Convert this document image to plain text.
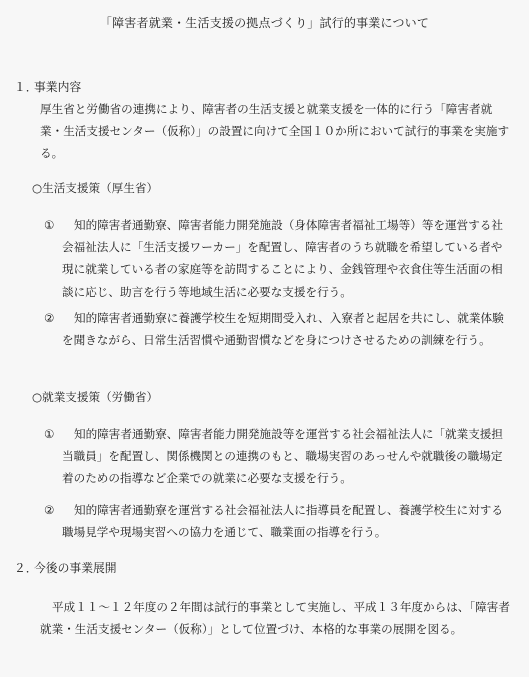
「障害者就業・生活支援の拠点づくり」試行的事業について
１．事業内容

厚生省と労働省の連携により、障害者の生活支援と就業支援を一体的に行う「障害者就業・生活支援センター（仮称）」の設置に向けて全国１０か所において試行的事業を実施する。

○生活支援策（厚生省）
①	知的障害者通勤寮、障害者能力開発施設（身体障害者福祉工場等）等を運営する社会福祉法人に「生活支援ワーカー」を配置し、障害者のうち就職を希望している者や現に就業している者の家庭等を訪問することにより、金銭管理や衣食住等生活面の相談に応じ、助言を行う等地域生活に必要な支援を行う。
②	知的障害者通勤寮に養護学校生を短期間受入れ、入寮者と起居を共にし、就業体験を聞きながら、日常生活習慣や通勤習慣などを身につけさせるための訓練を行う。
○就業支援策（労働省）
①	知的障害者通勤寮、障害者能力開発施設等を運営する社会福祉法人に「就業支援担当職員」を配置し、関係機関との連携のもと、職場実習のあっせんや就職後の職場定着のための指導など企業での就業に必要な支援を行う。
②	知的障害者通勤寮を運営する社会福祉法人に指導員を配置し、養護学校生に対する職場見学や現場実習への協力を通じて、職業面の指導を行う。
２．今後の事業展開

平成１１～１２年度の２年間は試行的事業として実施し、平成１３年度からは、「障害者就業・生活支援センター（仮称）」として位置づけ、本格的な事業の展開を図る。
